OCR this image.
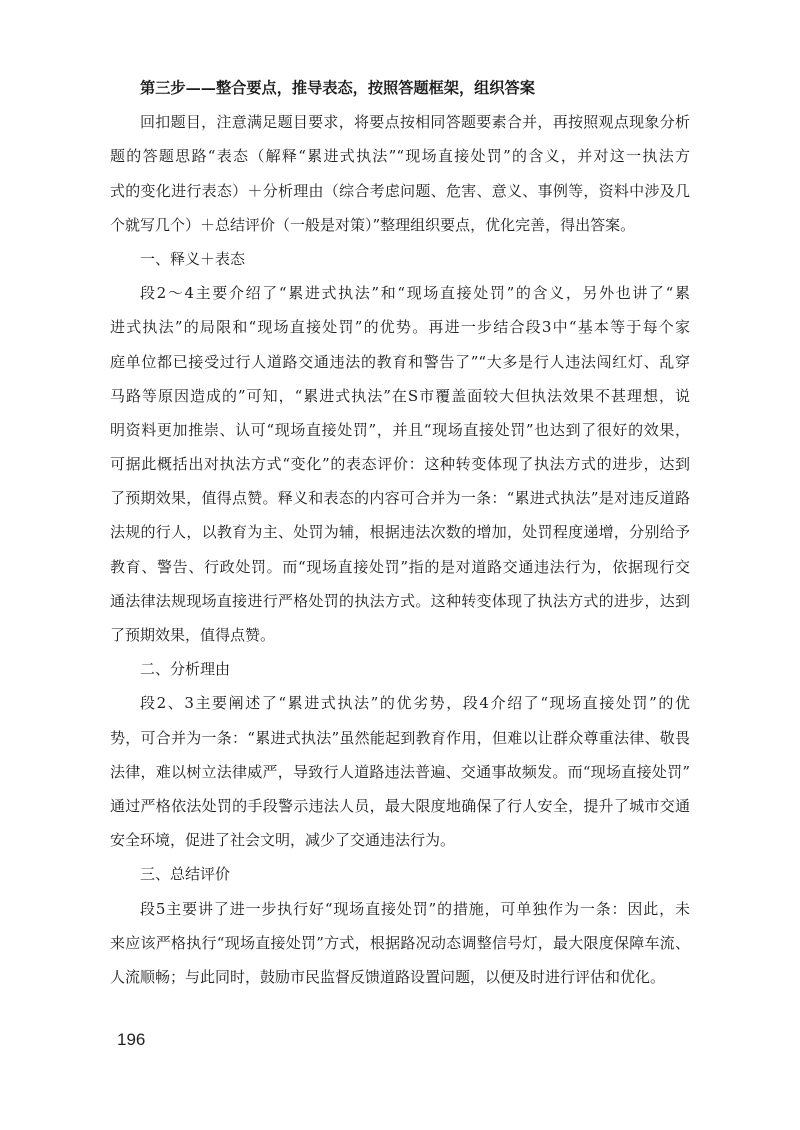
第三步——整合要点，推导表态，按照答题框架，组织答案
回扣题目，注意满足题目要求，将要点按相同答题要素合并，再按照观点现象分析
题的答题思路“表态（解释“累进式执法”“现场直接处罚”的含义，并对这一执法方
式的变化进行表态）＋分析理由（综合考虑问题、危害、意义、事例等，资料中涉及几
个就写几个）＋总结评价（一般是对策）”整理组织要点，优化完善，得出答案。
一、释义＋表态
段2～4主要介绍了“累进式执法”和“现场直接处罚”的含义，另外也讲了“累
进式执法”的局限和“现场直接处罚”的优势。再进一步结合段3中“基本等于每个家
庭单位都已接受过行人道路交通违法的教育和警告了”“大多是行人违法闯红灯、乱穿
马路等原因造成的”可知，“累进式执法”在S市覆盖面较大但执法效果不甚理想，说
明资料更加推崇、认可“现场直接处罚”，并且“现场直接处罚”也达到了很好的效果，
可据此概括出对执法方式“变化”的表态评价：这种转变体现了执法方式的进步，达到
了预期效果，值得点赞。释义和表态的内容可合并为一条：“累进式执法”是对违反道路
法规的行人，以教育为主、处罚为辅，根据违法次数的增加，处罚程度递增，分别给予
教育、警告、行政处罚。而“现场直接处罚”指的是对道路交通违法行为，依据现行交
通法律法规现场直接进行严格处罚的执法方式。这种转变体现了执法方式的进步，达到
了预期效果，值得点赞。
二、分析理由
段2、3主要阐述了“累进式执法”的优劣势，段4介绍了“现场直接处罚”的优
势，可合并为一条：“累进式执法”虽然能起到教育作用，但难以让群众尊重法律、敬畏
法律，难以树立法律威严，导致行人道路违法普遍、交通事故频发。而“现场直接处罚”
通过严格依法处罚的手段警示违法人员，最大限度地确保了行人安全，提升了城市交通
安全环境，促进了社会文明，减少了交通违法行为。
三、总结评价
段5主要讲了进一步执行好“现场直接处罚”的措施，可单独作为一条：因此，未
来应该严格执行“现场直接处罚”方式，根据路况动态调整信号灯，最大限度保障车流、
人流顺畅；与此同时，鼓励市民监督反馈道路设置问题，以便及时进行评估和优化。
196
